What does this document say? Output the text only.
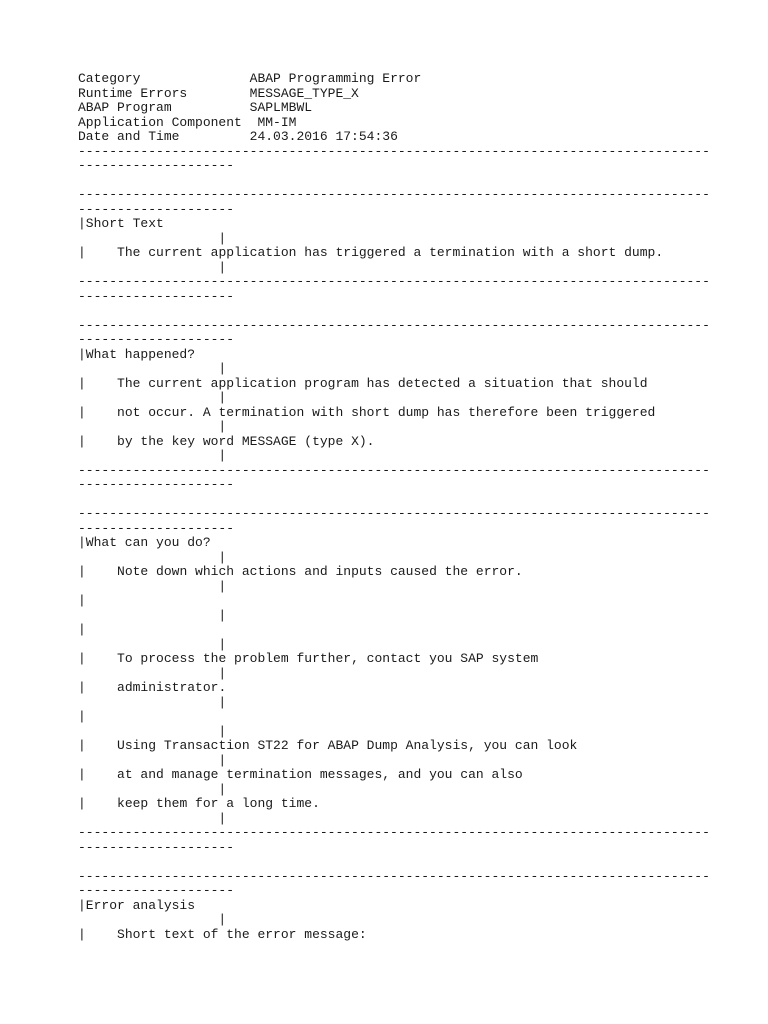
Category	ABAP Programming Error
Runtime Errors	MESSAGE_TYPE_X
ABAP Program	SAPLMBWL
Application Component MM-IM
Date and Time	24.03.2016 17:54:36
---------------------------------------------------------------------------------
--------------------
---------------------------------------------------------------------------------
--------------------
|Short Text
|
| The current application has triggered a termination with a short dump.
|
---------------------------------------------------------------------------------
--------------------
---------------------------------------------------------------------------------
--------------------
|What happened?
|
| The current application program has detected a situation that should
|
| not occur. A termination with short dump has therefore been triggered
|
| by the key word MESSAGE (type X).
|
---------------------------------------------------------------------------------
--------------------
---------------------------------------------------------------------------------
--------------------
|What can you do?
|
| Note down which actions and inputs caused the error.
|
|
|
|
|
| To process the problem further, contact you SAP system
|
| administrator.
|
|
|
| Using Transaction ST22 for ABAP Dump Analysis, you can look
|
| at and manage termination messages, and you can also
|
| keep them for a long time.
|
---------------------------------------------------------------------------------
--------------------
---------------------------------------------------------------------------------
--------------------
|Error analysis
|
| Short text of the error message:
